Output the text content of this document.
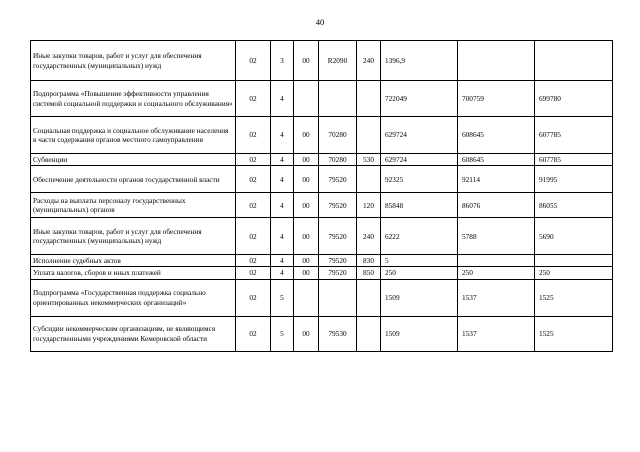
40
Иные закупки товаров, работ и услуг для обеспечения государственных (муниципальных) нужд	02	3	00	R2090	240	1396,9		
Подпрограмма «Повышение эффективности управления системой социальной поддержки и социального обслуживания»	02	4				722049	700759	699780
Социальная поддержка и социальное обслуживание населения в части содержания органов местного самоуправления	02	4	00	70280		629724	608645	607785
Субвенции	02	4	00	70280	530	629724	608645	607785
Обеспечение деятельности органов государственной власти	02	4	00	79520		92325	92114	91995
Расходы на выплаты персоналу государственных (муниципальных) органов	02	4	00	79520	120	85848	86076	86055
Иные закупки товаров, работ и услуг для обеспечения государственных (муниципальных) нужд	02	4	00	79520	240	6222	5788	5690
Исполнение судебных актов	02	4	00	79520	830	5		
Уплата налогов, сборов и иных платежей	02	4	00	79520	850	250	250	250
Подпрограмма «Государственная поддержка социально ориентированных некоммерческих организаций»	02	5				1509	1537	1525
Субсидии некоммерческим организациям, не являющимся государственными учреждениями Кемеровской области	02	5	00	79530		1509	1537	1525
